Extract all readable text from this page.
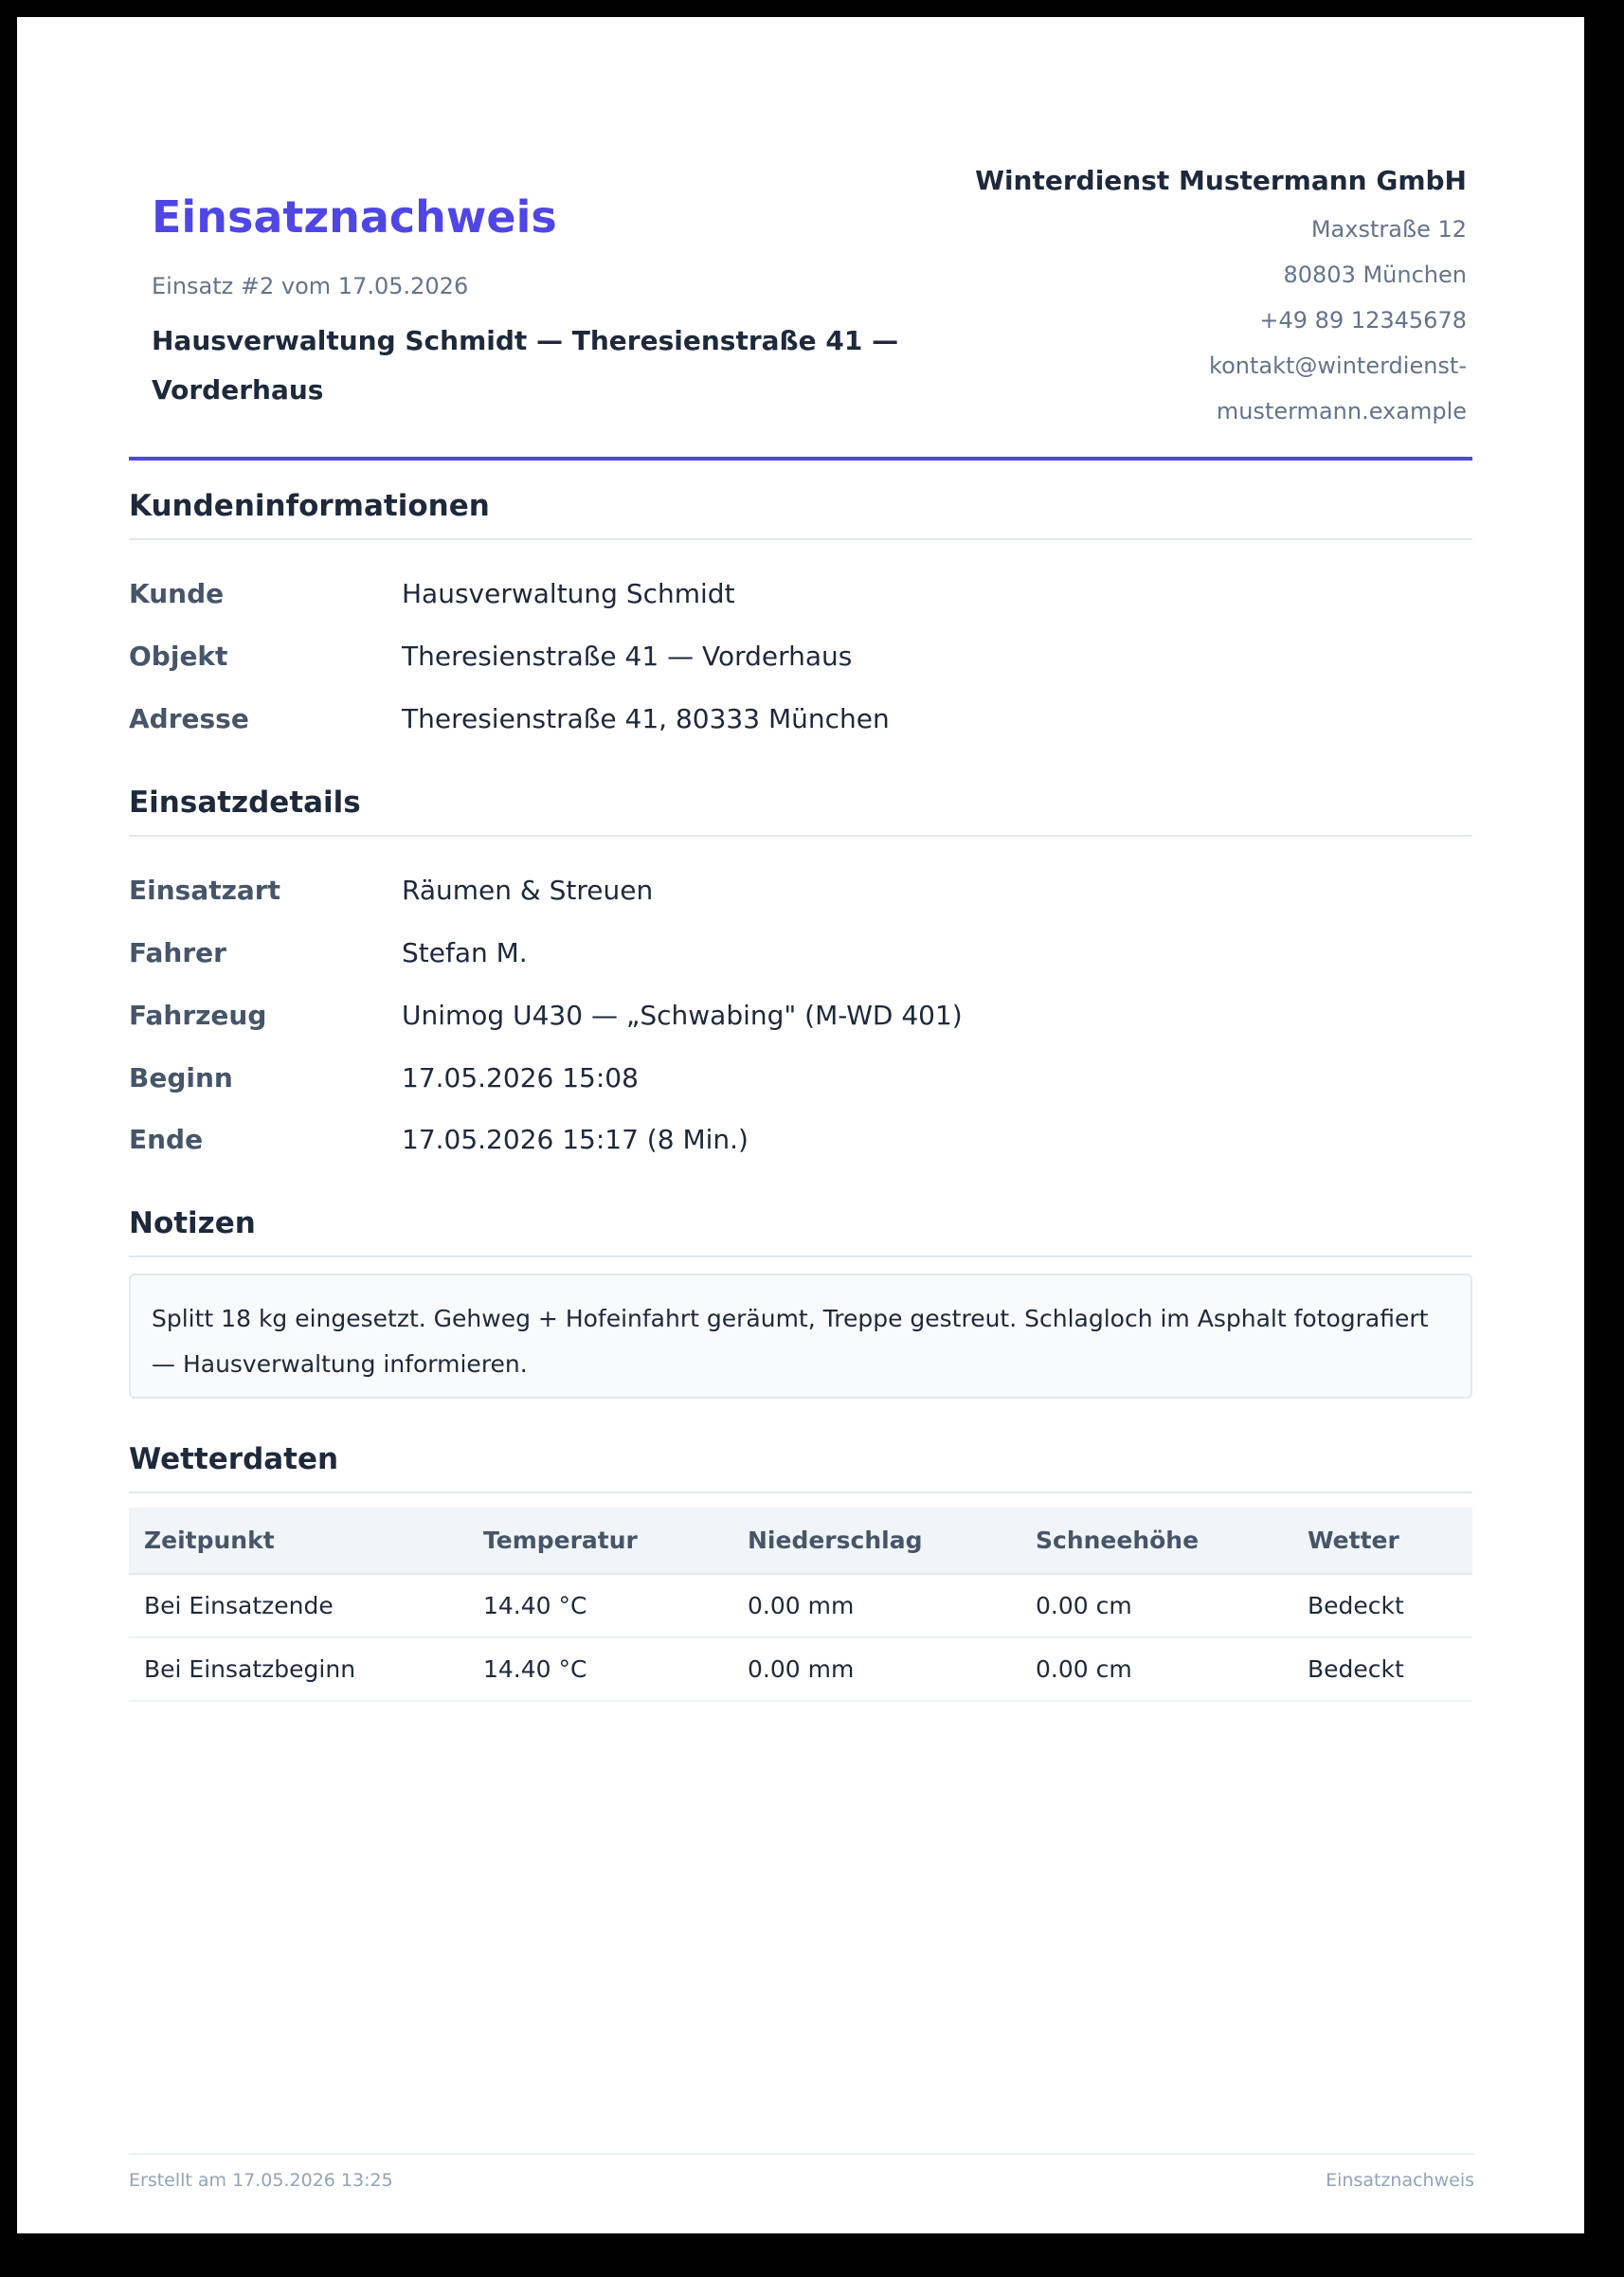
Einsatznachweis
Einsatz #2 vom 17.05.2026
Hausverwaltung Schmidt — Theresienstraße 41 — Vorderhaus
Winterdienst Mustermann GmbH
Maxstraße 12
80803 München
+49 89 12345678
kontakt@winterdienst-
mustermann.example
Kundeninformationen
Kunde	Hausverwaltung Schmidt
Objekt	Theresienstraße 41 — Vorderhaus
Adresse	Theresienstraße 41, 80333 München
Einsatzdetails
Einsatzart	Räumen & Streuen
Fahrer	Stefan M.
Fahrzeug	Unimog U430 — „Schwabing" (M-WD 401)
Beginn	17.05.2026 15:08
Ende	17.05.2026 15:17 (8 Min.)
Notizen
Splitt 18 kg eingesetzt. Gehweg + Hofeinfahrt geräumt, Treppe gestreut. Schlagloch im Asphalt fotografiert — Hausverwaltung informieren.
Wetterdaten
Zeitpunkt	Temperatur	Niederschlag	Schneehöhe	Wetter
Bei Einsatzende	14.40 °C	0.00 mm	0.00 cm	Bedeckt
Bei Einsatzbeginn	14.40 °C	0.00 mm	0.00 cm	Bedeckt
Erstellt am 17.05.2026 13:25	Einsatznachweis
